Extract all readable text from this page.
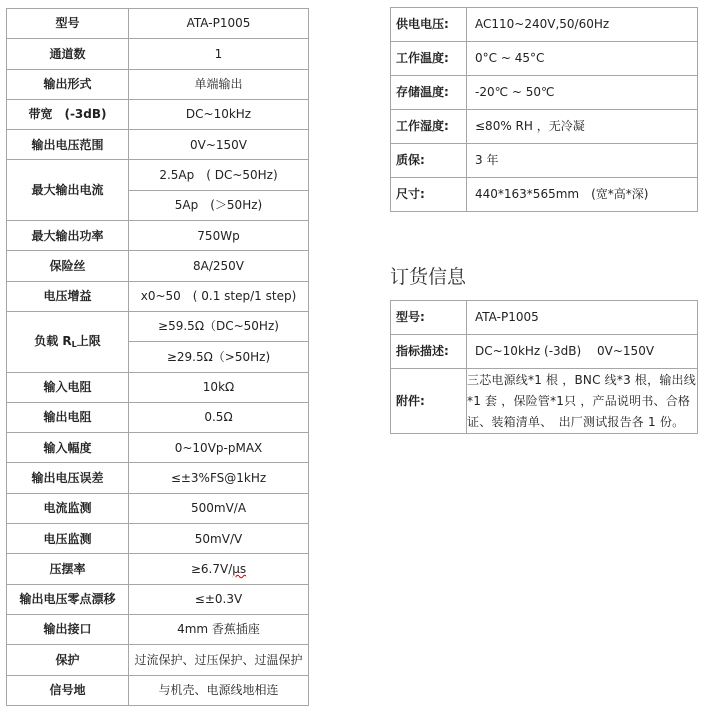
型号	ATA-P1005
通道数	1
输出形式	单端输出
带宽　(-3dB)	DC~10kHz
输出电压范围	0V~150V
最大输出电流	2.5Ap　( DC~50Hz)
	5Ap　(＞50Hz)
最大输出功率	750Wp
保险丝	8A/250V
电压增益	x0~50　( 0.1 step/1 step)
负载 $R_L$上限	≥59.5Ω（DC~50Hz)
	≥29.5Ω（>50Hz)
输入电阻	10kΩ
输出电阻	0.5Ω
输入幅度	0~10Vp-pMAX
输出电压误差	≤±3%FS@1kHz
电流监测	500mV/A
电压监测	50mV/V
压摆率	≥6.7V/μs
输出电压零点漂移	≤±0.3V
输出接口	4mm 香蕉插座
保护	过流保护、过压保护、过温保护
信号地	与机壳、电源线地相连
供电电压:	AC110~240V,50/60Hz
工作温度:	0°C ~ 45°C
存储温度:	-20℃ ~ 50℃
工作湿度:	≤80% RH ，无冷凝
质保:	3 年
尺寸:	440*163*565mm　(宽*高*深)
订货信息
型号:	ATA-P1005
指标描述:	DC~10kHz (-3dB)　 0V~150V
附件:	三芯电源线*1 根 ，BNC 线*3 根，输出线*1 套 ，保险管*1只 ，产品说明书、合格证、装箱清单、　出厂测试报告各 1 份。
